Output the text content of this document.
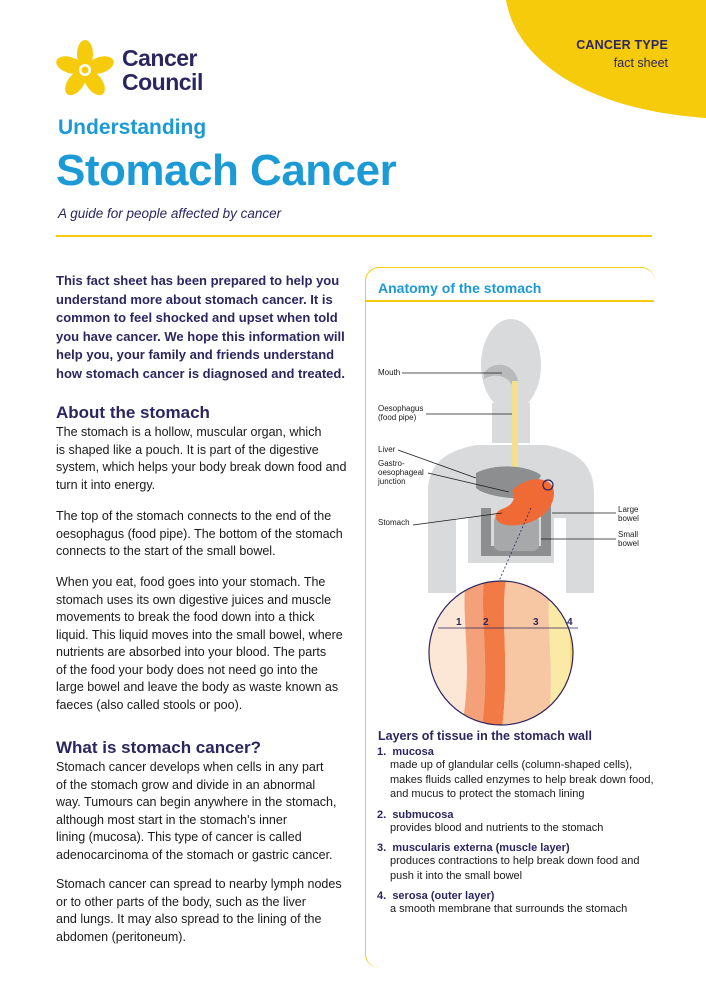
CANCER TYPE
fact sheet
Cancer
Council
Understanding
Stomach Cancer
A guide for people affected by cancer

This fact sheet has been prepared to help you
understand more about stomach cancer. It is
common to feel shocked and upset when told
you have cancer. We hope this information will
help you, your family and friends understand
how stomach cancer is diagnosed and treated.

About the stomach

The stomach is a hollow, muscular organ, which
is shaped like a pouch. It is part of the digestive
system, which helps your body break down food and
turn it into energy.

The top of the stomach connects to the end of the
oesophagus (food pipe). The bottom of the stomach
connects to the start of the small bowel.

When you eat, food goes into your stomach. The
stomach uses its own digestive juices and muscle
movements to break the food down into a thick
liquid. This liquid moves into the small bowel, where
nutrients are absorbed into your blood. The parts
of the food your body does not need go into the
large bowel and leave the body as waste known as
faeces (also called stools or poo).

What is stomach cancer?

Stomach cancer develops when cells in any part
of the stomach grow and divide in an abnormal
way. Tumours can begin anywhere in the stomach,
although most start in the stomach's inner
lining (mucosa). This type of cancer is called
adenocarcinoma of the stomach or gastric cancer.

Stomach cancer can spread to nearby lymph nodes
or to other parts of the body, such as the liver
and lungs. It may also spread to the lining of the
abdomen (peritoneum).

Anatomy of the stomach
Mouth
Oesophagus
(food pipe)
Liver
Gastro-
oesophageal
junction
Stomach
Large
bowel
Small
bowel
1 2	3	4
Layers of tissue in the stomach wall
1. mucosa
made up of glandular cells (column-shaped cells),
makes fluids called enzymes to help break down food,
and mucus to protect the stomach lining
2. submucosa
provides blood and nutrients to the stomach
3. muscularis externa (muscle layer)
produces contractions to help break down food and
push it into the small bowel
4. serosa (outer layer)
a smooth membrane that surrounds the stomach
